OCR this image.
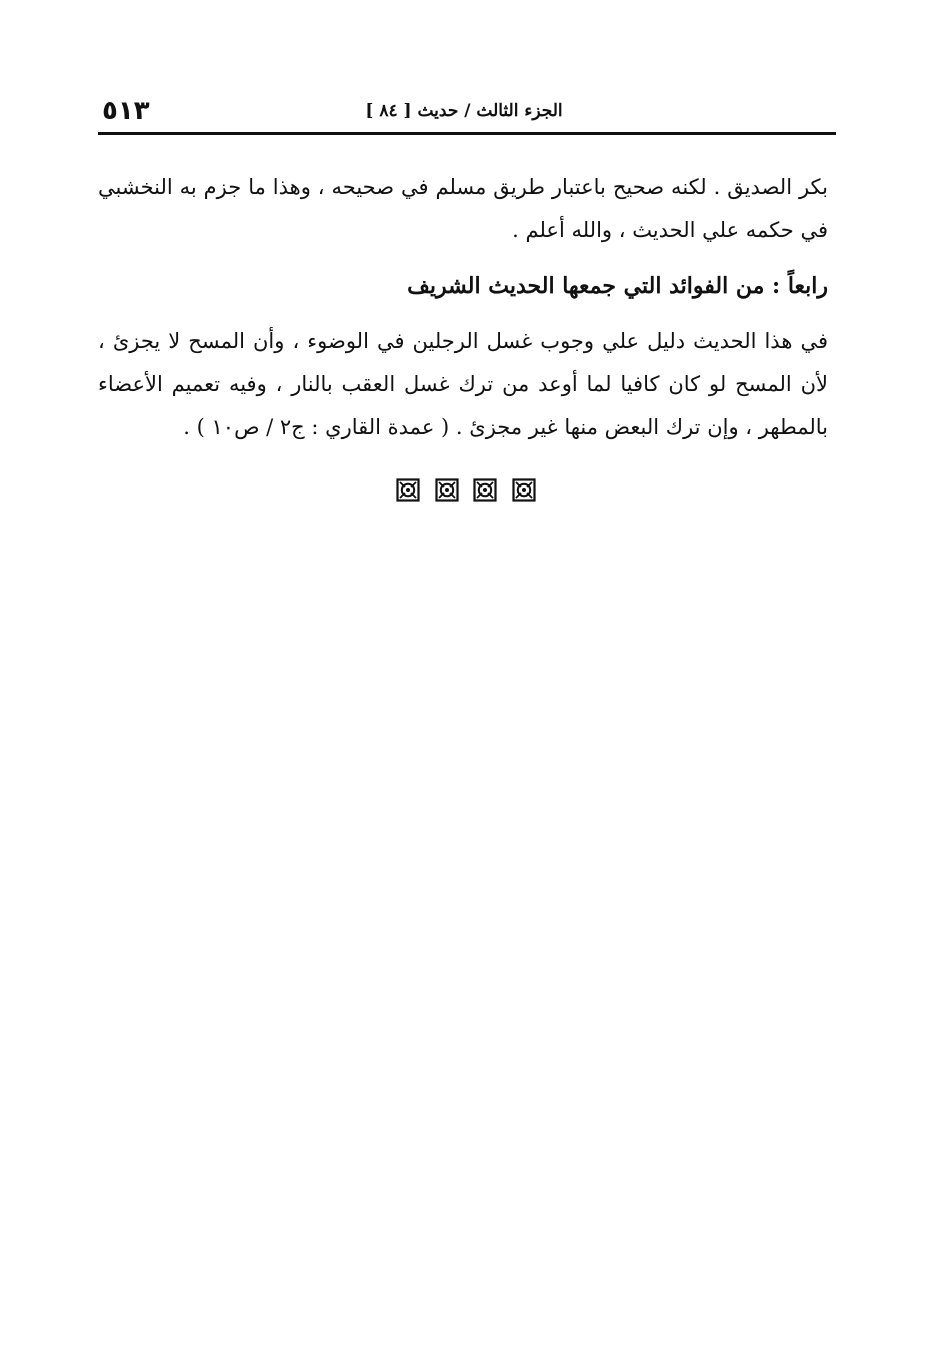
٥١٣	الجزء الثالث / حديث [ ٨٤ ]

بكر الصديق . لكنه صحيح باعتبار طريق مسلم في صحيحه ، وهذا ما جزم به النخشبي في حكمه علي الحديث ، والله أعلم .

رابعاً : من الفوائد التي جمعها الحديث الشريف

في هذا الحديث دليل علي وجوب غسل الرجلين في الوضوء ، وأن المسح لا يجزئ ، لأن المسح لو كان كافيا لما أوعد من ترك غسل العقب بالنار ، وفيه تعميم الأعضاء بالمطهر ، وإن ترك البعض منها غير مجزئ . ( عمدة القاري : ج٢ / ص١٠ ) .
